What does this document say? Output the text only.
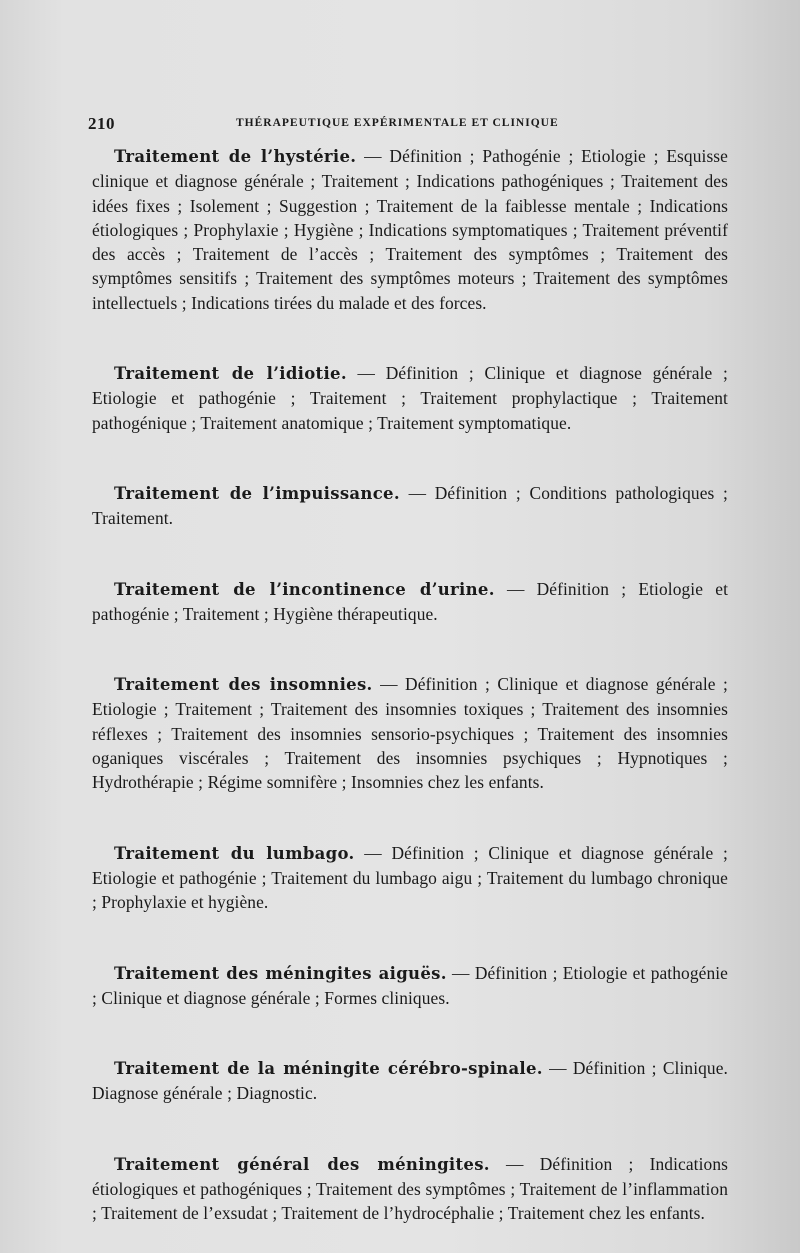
210	THÉRAPEUTIQUE EXPÉRIMENTALE ET CLINIQUE

Traitement de l’hystérie. — Définition ; Pathogénie ; Etiologie ; Esquisse clinique et diagnose générale ; Traitement ; Indications pathogéniques ; Traitement des idées fixes ; Isolement ; Suggestion ; Traitement de la faiblesse mentale ; Indications étiologiques ; Prophylaxie ; Hygiène ; Indications symptomatiques ; Traitement préventif des accès ; Traitement de l’accès ; Traitement des symptômes ; Traitement des symptômes sensitifs ; Traitement des symptômes moteurs ; Traitement des symptômes intellectuels ; Indications tirées du malade et des forces.

Traitement de l’idiotie. — Définition ; Clinique et diagnose générale ; Etiologie et pathogénie ; Traitement ; Traitement prophylactique ; Traitement pathogénique ; Traitement anatomique ; Traitement symptomatique.

Traitement de l’impuissance. — Définition ; Conditions pathologiques ; Traitement.

Traitement de l’incontinence d’urine. — Définition ; Etiologie et pathogénie ; Traitement ; Hygiène thérapeutique.

Traitement des insomnies. — Définition ; Clinique et diagnose générale ; Etiologie ; Traitement ; Traitement des insomnies toxiques ; Traitement des insomnies réflexes ; Traitement des insomnies sensorio-psychiques ; Traitement des insomnies oganiques viscérales ; Traitement des insomnies psychiques ; Hypnotiques ; Hydrothérapie ; Régime somnifère ; Insomnies chez les enfants.

Traitement du lumbago. — Définition ; Clinique et diagnose générale ; Etiologie et pathogénie ; Traitement du lumbago aigu ; Traitement du lumbago chronique ; Prophylaxie et hygiène.

Traitement des méningites aiguës. — Définition ; Etiologie et pathogénie ; Clinique et diagnose générale ; Formes cliniques.

Traitement de la méningite cérébro-spinale. — Définition ; Clinique. Diagnose générale ; Diagnostic.

Traitement général des méningites. — Définition ; Indications étiologiques et pathogéniques ; Traitement des symptômes ; Traitement de l’inflammation ; Traitement de l’exsudat ; Traitement de l’hydrocéphalie ; Traitement chez les enfants.
